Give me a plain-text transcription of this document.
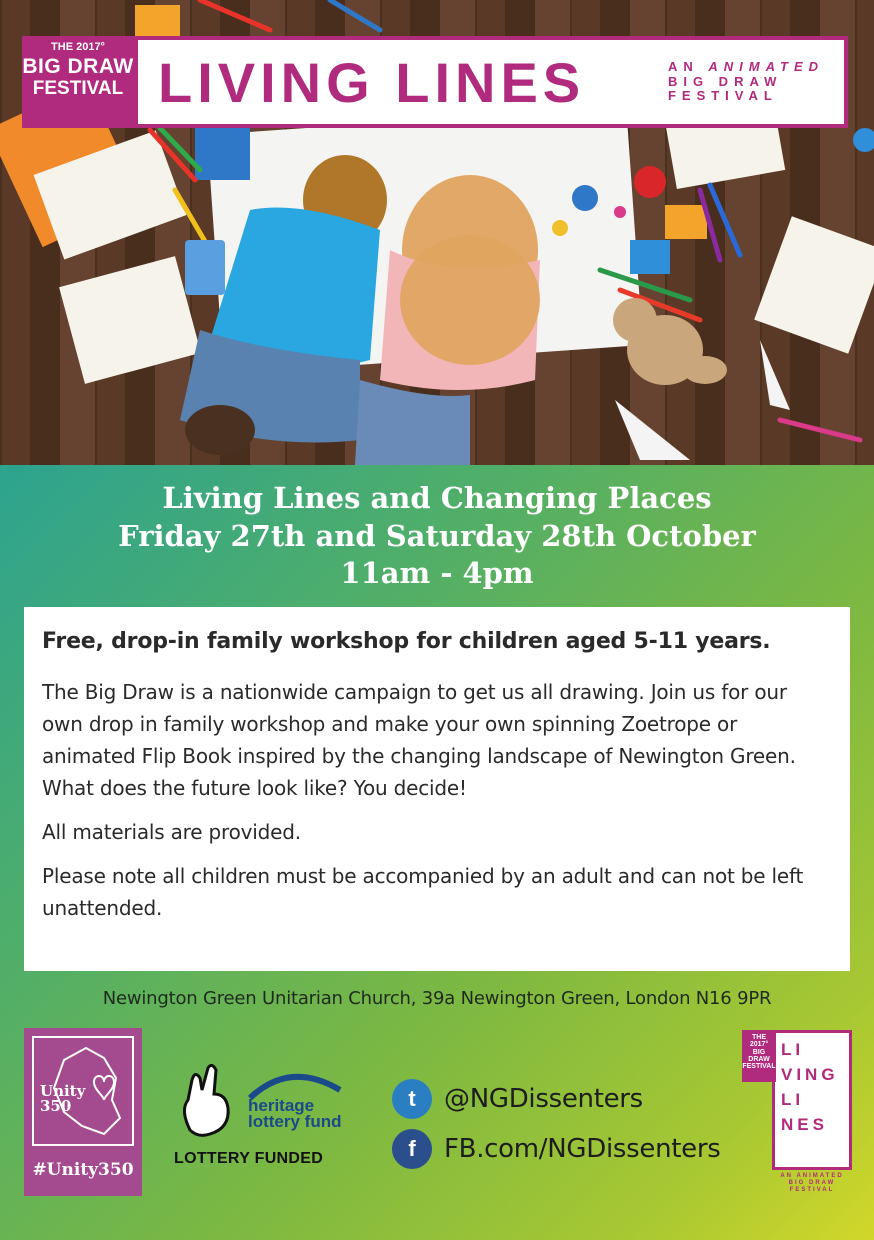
THE 2017°
BIG DRAW
FESTIVAL LIVING LINES	AN ANIMATED
BIG DRAW
FESTIVAL
Living Lines and Changing Places
Friday 27th and Saturday 28th October
11am - 4pm
Free, drop-in family workshop for children aged 5-11 years.

The Big Draw is a nationwide campaign to get us all drawing. Join us for our own drop in family workshop and make your own spinning Zoetrope or animated Flip Book inspired by the changing landscape of Newington Green. What does the future look like? You decide!

All materials are provided.

Please note all children must be accompanied by an adult and can not be left unattended.

Newington Green Unitarian Church, 39a Newington Green, London N16 9PR
Unity
350
#Unity350
heritage
lottery fund
LOTTERY FUNDED
t	@NGDissenters
f	FB.com/NGDissenters
LI
VING
LI
NES
THE 2017°
BIG
DRAW
FESTIVAL
AN ANIMATED BIG DRAW FESTIVAL
